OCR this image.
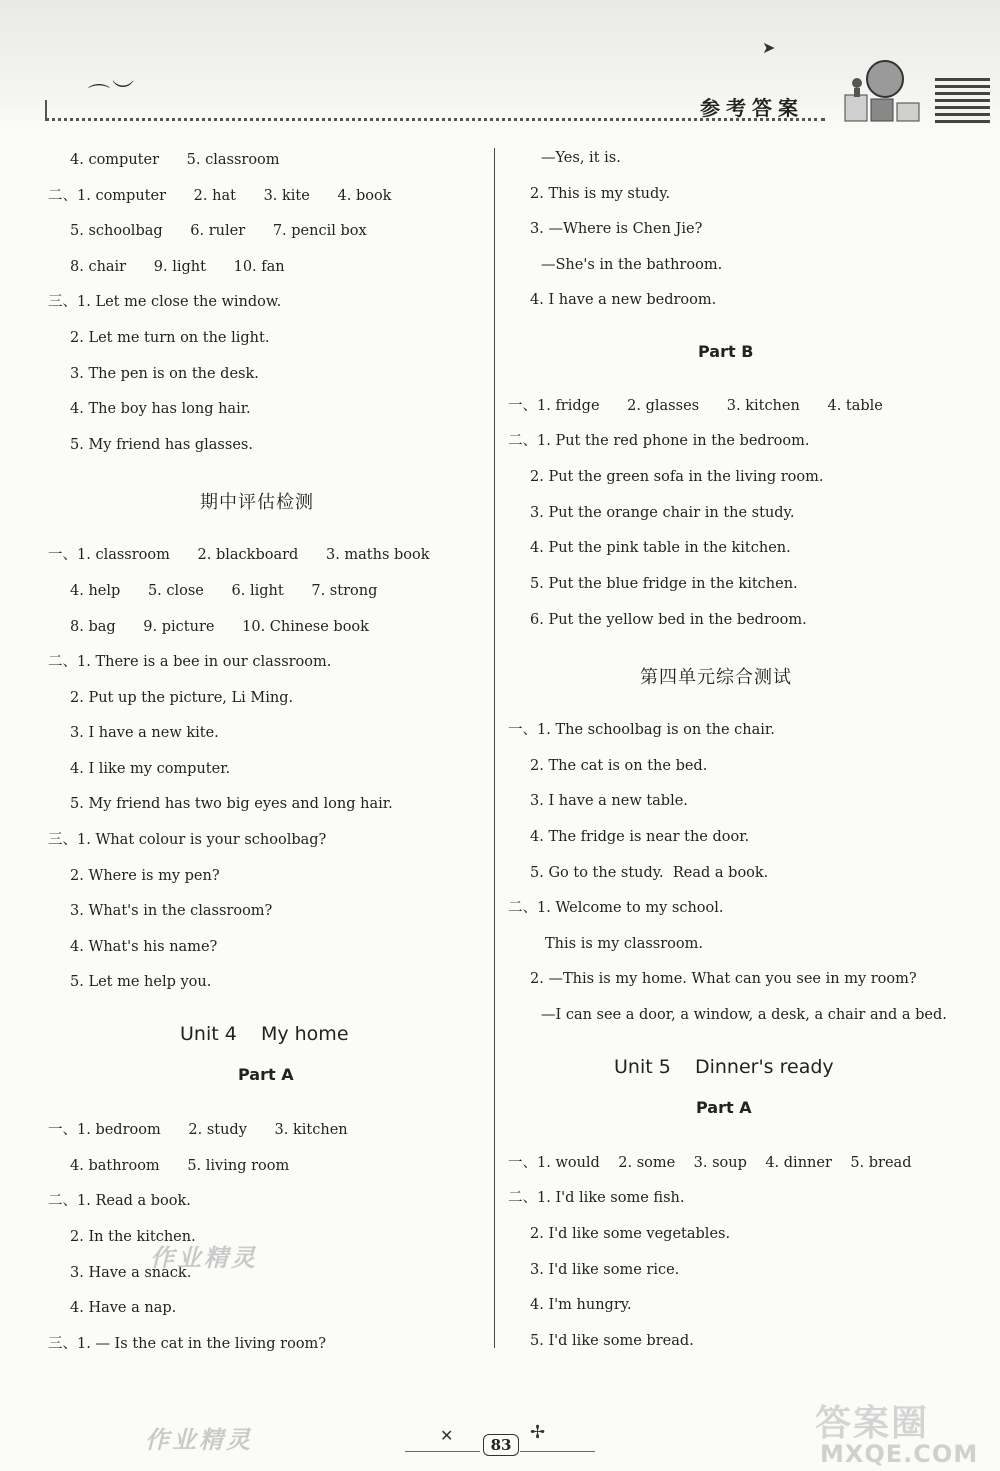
⌒ ︶
➤
参考答案
4. computer      5. classroom
二、1. computer      2. hat      3. kite      4. book
5. schoolbag      6. ruler      7. pencil box
8. chair      9. light      10. fan
三、1. Let me close the window.
2. Let me turn on the light.
3. The pen is on the desk.
4. The boy has long hair.
5. My friend has glasses.
期中评估检测
一、1. classroom      2. blackboard      3. maths book
4. help      5. close      6. light      7. strong
8. bag      9. picture      10. Chinese book
二、1. There is a bee in our classroom.
2. Put up the picture, Li Ming.
3. I have a new kite.
4. I like my computer.
5. My friend has two big eyes and long hair.
三、1. What colour is your schoolbag?
2. Where is my pen?
3. What's in the classroom?
4. What's his name?
5. Let me help you.
Unit 4    My home
Part A
一、1. bedroom      2. study      3. kitchen
4. bathroom      5. living room
二、1. Read a book.
2. In the kitchen.
3. Have a snack.
4. Have a nap.
三、1. — Is the cat in the living room?
—Yes, it is.
2. This is my study.
3. —Where is Chen Jie?
—She's in the bathroom.
4. I have a new bedroom.
Part B
一、1. fridge      2. glasses      3. kitchen      4. table
二、1. Put the red phone in the bedroom.
2. Put the green sofa in the living room.
3. Put the orange chair in the study.
4. Put the pink table in the kitchen.
5. Put the blue fridge in the kitchen.
6. Put the yellow bed in the bedroom.
第四单元综合测试
一、1. The schoolbag is on the chair.
2. The cat is on the bed.
3. I have a new table.
4. The fridge is near the door.
5. Go to the study.  Read a book.
二、1. Welcome to my school.
This is my classroom.
2. —This is my home. What can you see in my room?
—I can see a door, a window, a desk, a chair and a bed.
Unit 5    Dinner's ready
Part A
一、1. would    2. some    3. soup    4. dinner    5. bread
二、1. I'd like some fish.
2. I'd like some vegetables.
3. I'd like some rice.
4. I'm hungry.
5. I'd like some bread.
作业精灵
作业精灵	✕	✢
83
答案圈
MXQE.COM
